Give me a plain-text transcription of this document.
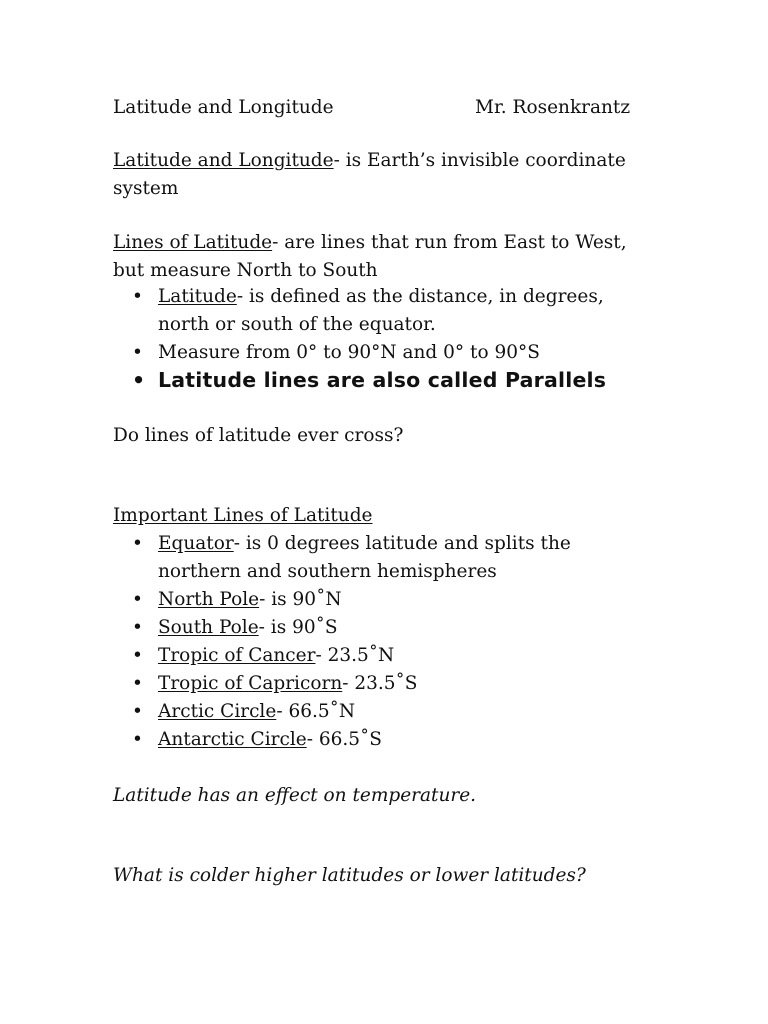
Latitude and Longitude	Mr. Rosenkrantz
Latitude and Longitude- is Earth’s invisible coordinate system
Lines of Latitude- are lines that run from East to West, but measure North to South
• Latitude- is defined as the distance, in degrees, north or south of the equator.
• Measure from 0° to 90°N and 0° to 90°S
• Latitude lines are also called Parallels
Do lines of latitude ever cross?
Important Lines of Latitude
• Equator- is 0 degrees latitude and splits the northern and southern hemispheres
• North Pole- is 90˚N
• South Pole- is 90˚S
• Tropic of Cancer- 23.5˚N
• Tropic of Capricorn- 23.5˚S
• Arctic Circle- 66.5˚N
• Antarctic Circle- 66.5˚S
Latitude has an effect on temperature.
What is colder higher latitudes or lower latitudes?
